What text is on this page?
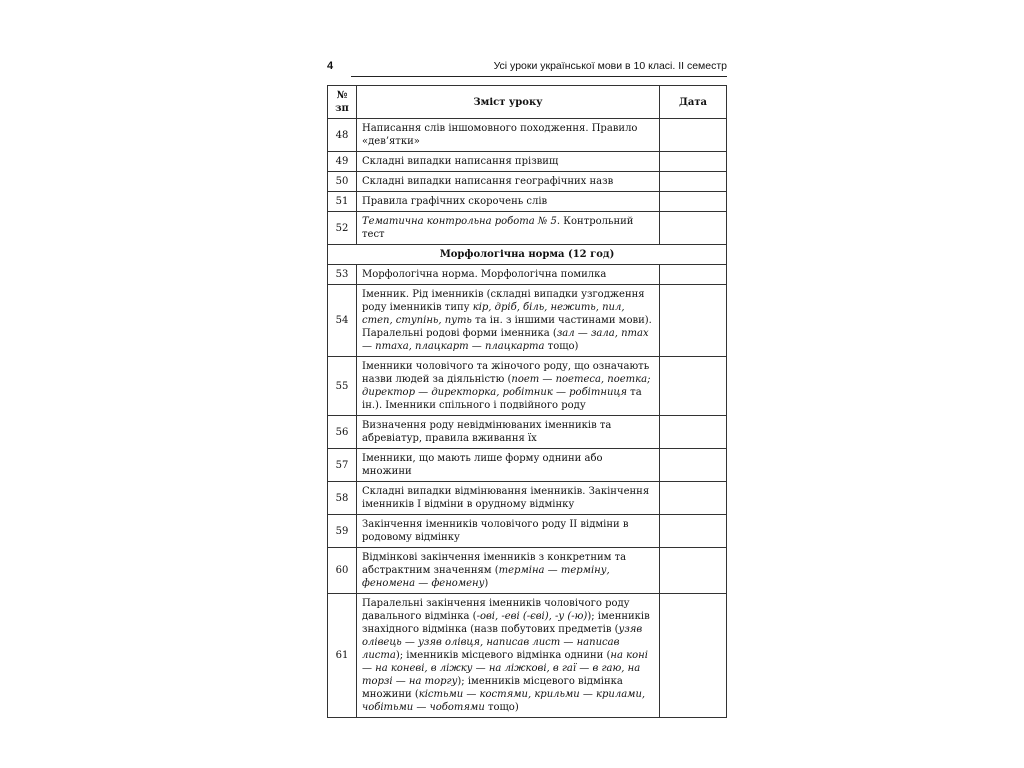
4	Усі уроки української мови в 10 класі. II семестр
№ зп	Зміст уроку	Дата
48	Написання слів іншомовного походження. Правило «дев’ятки»	
49	Складні випадки написання прізвищ	
50	Складні випадки написання географічних назв	
51	Правила графічних скорочень слів	
52	Тематична контрольна робота № 5. Контрольний тест	
Морфологічна норма (12 год)		
53	Морфологічна норма. Морфологічна помилка	
54	Іменник. Рід іменників (складні випадки узгодження роду іменників типу кір, дріб, біль, нежить, пил, степ, ступінь, путь та ін. з іншими частинами мови). Паралельні родові форми іменника (зал — зала, птах — птаха, плацкарт — плацкарта тощо)	
55	Іменники чоловічого та жіночого роду, що означають назви людей за діяльністю (поет — поетеса, поетка; директор — директорка, робітник — робітниця та ін.). Іменники спільного і подвійного роду	
56	Визначення роду невідмінюваних іменників та абревіатур, правила вживання їх	
57	Іменники, що мають лише форму однини або множини	
58	Складні випадки відмінювання іменників. Закінчення іменників І відміни в орудному відмінку	
59	Закінчення іменників чоловічого роду ІІ відміни в родовому відмінку	
60	Відмінкові закінчення іменників з конкретним та абстрактним значенням (терміна — терміну, феномена — феномену)	
61	Паралельні закінчення іменників чоловічого роду давального відмінка (-ові, -еві (-єві), -у (-ю)); іменників знахідного відмінка (назв побутових предметів (узяв олівець — узяв олівця, написав лист — написав листа); іменників місцевого відмінка однини (на коні — на коневі, в ліжку — на ліжкові, в гаї — в гаю, на торзі — на торгу); іменників місцевого відмінка множини (кістьми — костями, крильми — крилами, чобітьми — чоботями тощо)	
